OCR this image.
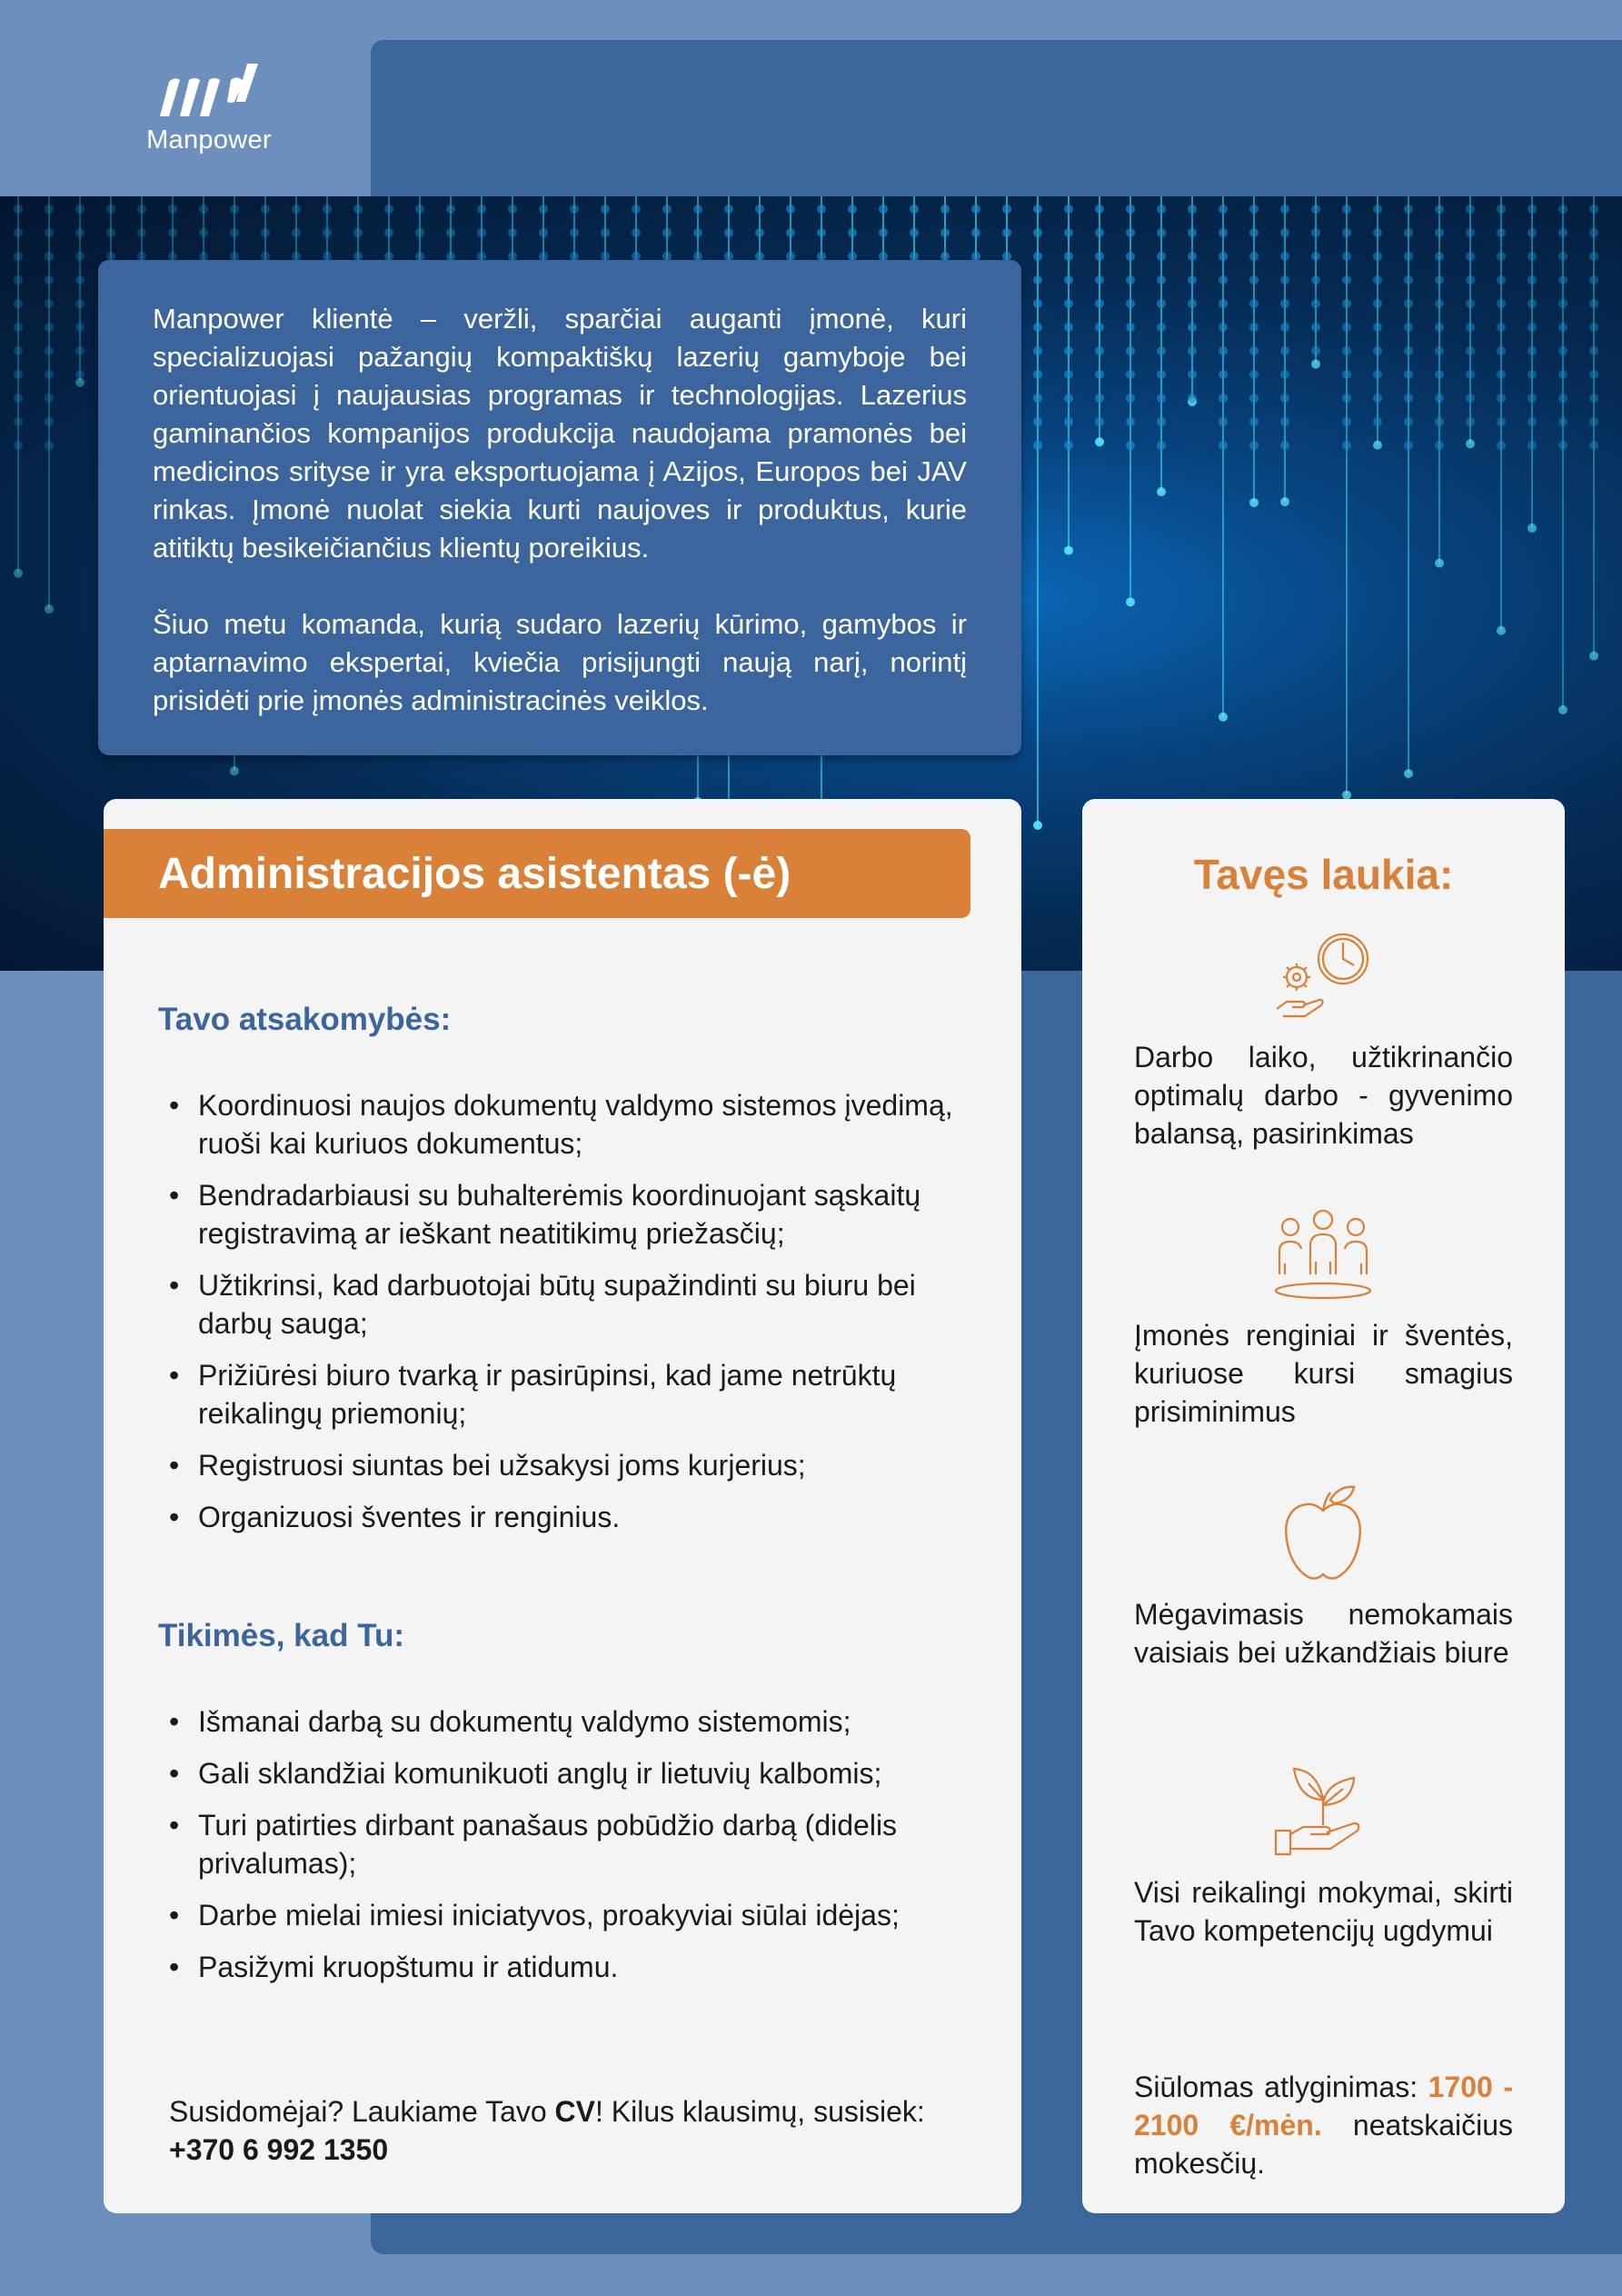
Manpower

Manpower klientė – veržli, sparčiai auganti įmonė, kuri specializuojasi pažangių kompaktiškų lazerių gamyboje bei orientuojasi į naujausias programas ir technologijas. Lazerius gaminančios kompanijos produkcija naudojama pramonės bei medicinos srityse ir yra eksportuojama į Azijos, Europos bei JAV rinkas. Įmonė nuolat siekia kurti naujoves ir produktus, kurie atitiktų besikeičiančius klientų poreikius.

Šiuo metu komanda, kurią sudaro lazerių kūrimo, gamybos ir aptarnavimo ekspertai, kviečia prisijungti naują narį, norintį prisidėti prie įmonės administracinės veiklos.

Administracijos asistentas (-ė)
Tavo atsakomybės:
• Koordinuosi naujos dokumentų valdymo sistemos įvedimą, ruoši kai kuriuos dokumentus;
• Bendradarbiausi su buhalterėmis koordinuojant sąskaitų registravimą ar ieškant neatitikimų priežasčių;
• Užtikrinsi, kad darbuotojai būtų supažindinti su biuru bei darbų sauga;
• Prižiūrėsi biuro tvarką ir pasirūpinsi, kad jame netrūktų reikalingų priemonių;
• Registruosi siuntas bei užsakysi joms kurjerius;
• Organizuosi šventes ir renginius.
Tikimės, kad Tu:
• Išmanai darbą su dokumentų valdymo sistemomis;
• Gali sklandžiai komunikuoti anglų ir lietuvių kalbomis;
• Turi patirties dirbant panašaus pobūdžio darbą (didelis privalumas);
• Darbe mielai imiesi iniciatyvos, proakyviai siūlai idėjas;
• Pasižymi kruopštumu ir atidumu.
Susidomėjai? Laukiame Tavo CV! Kilus klausimų, susisiek: +370 6 992 1350
Tavęs laukia:
Darbo laiko, užtikrinančio optimalų darbo - gyvenimo balansą, pasirinkimas
Įmonės renginiai ir šventės, kuriuose kursi smagius prisiminimus
Mėgavimasis nemokamais vaisiais bei užkandžiais biure
Visi reikalingi mokymai, skirti Tavo kompetencijų ugdymui
Siūlomas atlyginimas: 1700 - 2100 €/mėn. neatskaičius mokesčių.
